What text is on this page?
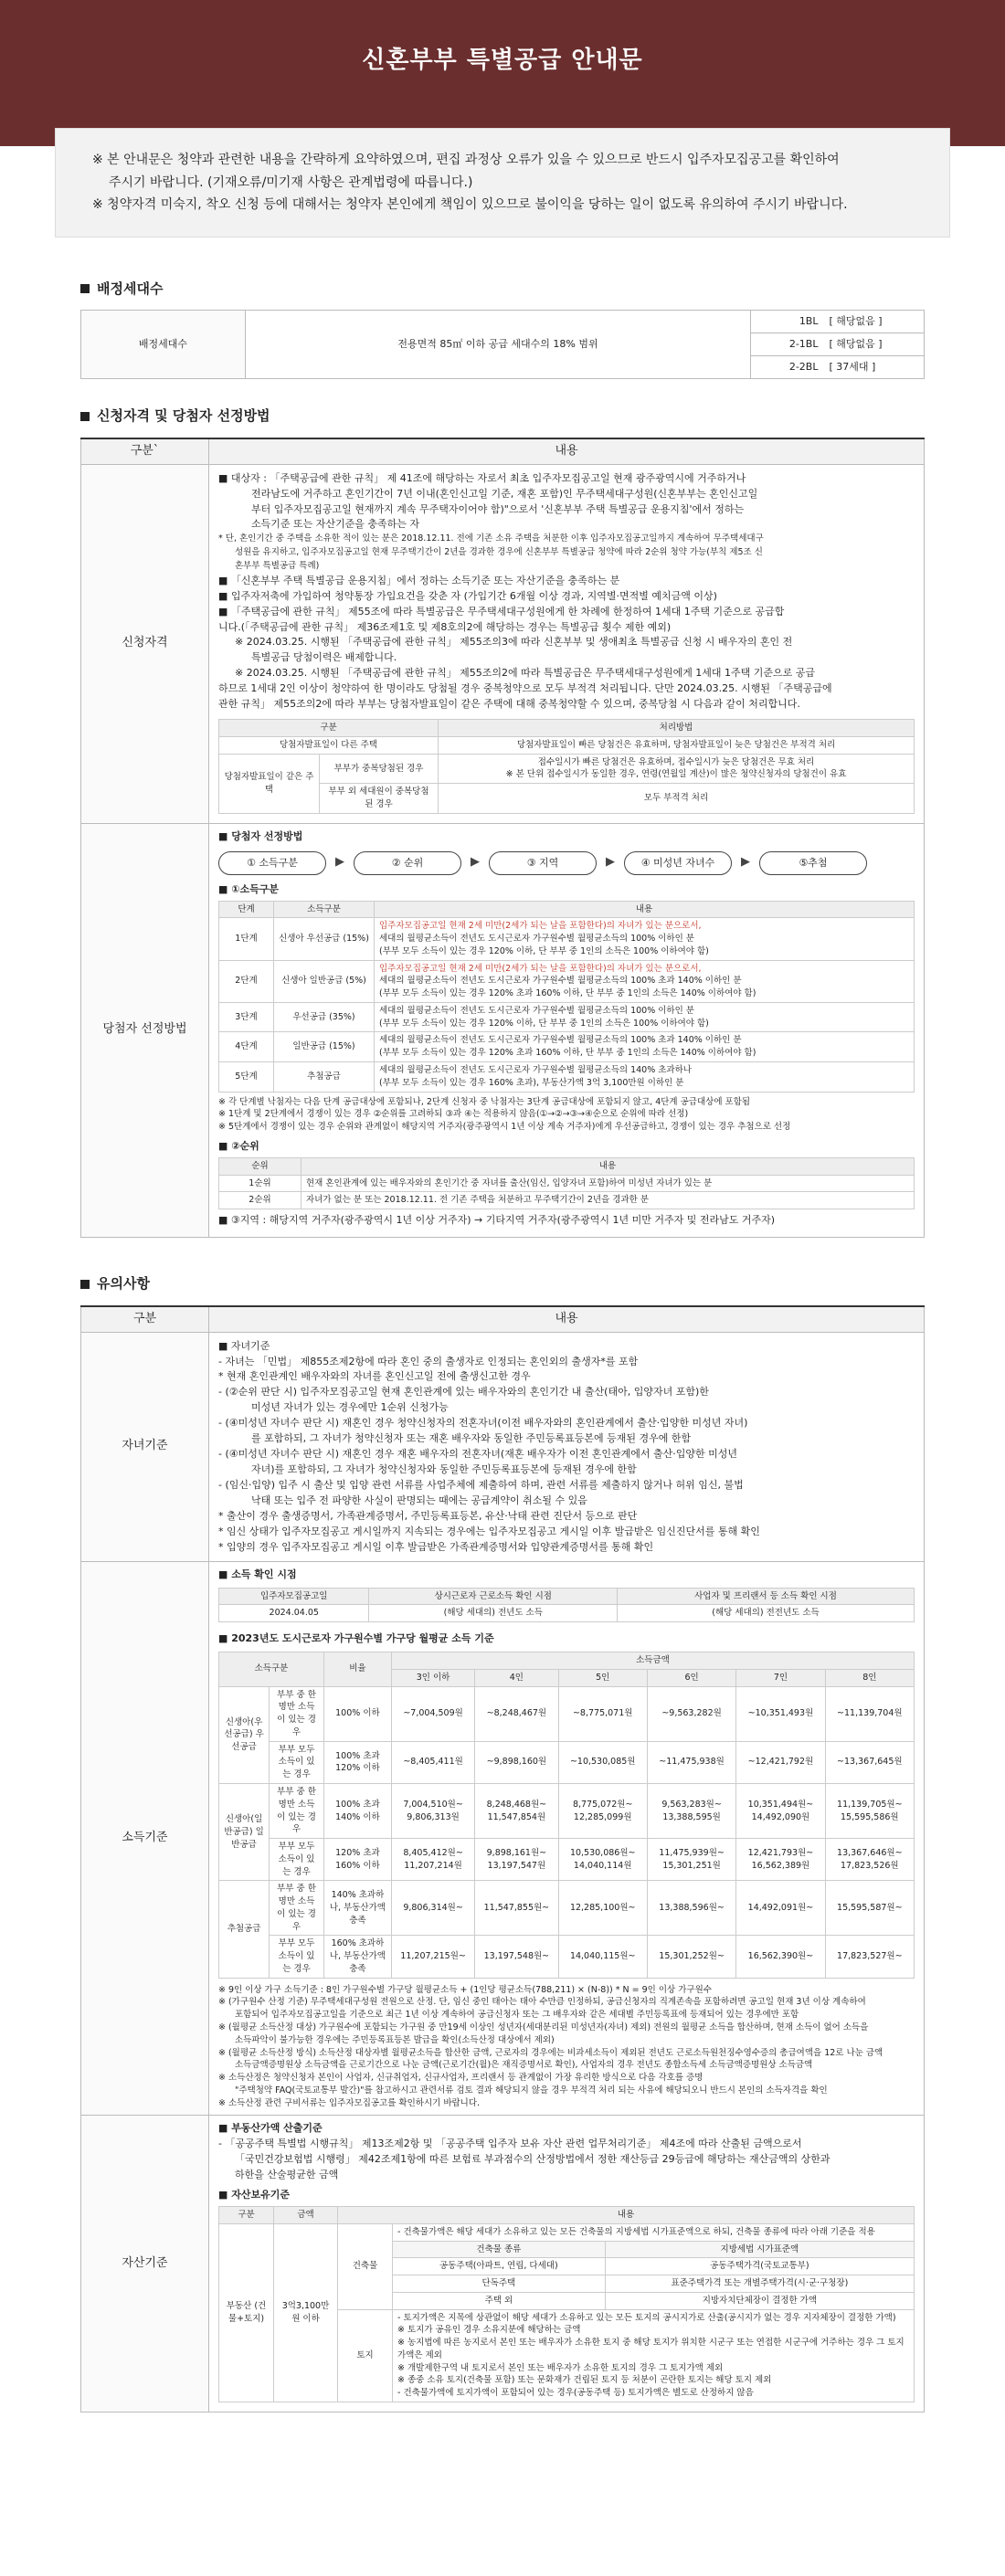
신혼부부 특별공급 안내문
※ 본 안내문은 청약과 관련한 내용을 간략하게 요약하였으며, 편집 과정상 오류가 있을 수 있으므로 반드시 입주자모집공고를 확인하여
주시기 바랍니다. (기재오류/미기재 사항은 관계법령에 따릅니다.)
※ 청약자격 미숙지, 착오 신청 등에 대해서는 청약자 본인에게 책임이 있으므로 불이익을 당하는 일이 없도록 유의하여 주시기 바랍니다.
배정세대수
배정세대수	전용면적 85㎡ 이하 공급 세대수의 18% 범위	1BL	[ 해당없음 ]
		2-1BL	[ 해당없음 ]
		2-2BL	[ 37세대 ]
신청자격 및 당첨자 선정방법
구분`	내용
신청자격	
■ 대상자 : 「주택공급에 관한 규칙」 제 41조에 해당하는 자로서 최초 입주자모집공고일 현재 광주광역시에 거주하거나
전라남도에 거주하고 혼인기간이 7년 이내(혼인신고일 기준, 재혼 포함)인 무주택세대구성원(신혼부부는 혼인신고일
부터 입주자모집공고일 현재까지 계속 무주택자이어야 함)"으로서 '신혼부부 주택 특별공급 운용지침'에서 정하는
소득기준 또는 자산기준을 충족하는 자
* 단, 혼인기간 중 주택을 소유한 적이 있는 분은 2018.12.11. 전에 기존 소유 주택을 처분한 이후 입주자모집공고일까지 계속하여 무주택세대구
성원을 유지하고, 입주자모집공고일 현재 무주택기간이 2년을 경과한 경우에 신혼부부 특별공급 청약에 따라 2순위 청약 가능(부칙 제5조 신
혼부부 특별공급 특례)
■ 「신혼부부 주택 특별공급 운용지침」에서 정하는 소득기준 또는 자산기준을 충족하는 분
■ 입주자저축에 가입하여 청약통장 가입요건을 갖춘 자 (가입기간 6개월 이상 경과, 지역별·면적별 예치금액 이상)
■ 「주택공급에 관한 규칙」 제55조에 따라 특별공급은 무주택세대구성원에게 한 차례에 한정하여 1세대 1주택 기준으로 공급합
니다.(「주택공급에 관한 규칙」 제36조제1호 및 제8호의2에 해당하는 경우는 특별공급 횟수 제한 예외)
※ 2024.03.25. 시행된 「주택공급에 관한 규칙」 제55조의3에 따라 신혼부부 및 생애최초 특별공급 신청 시 배우자의 혼인 전
특별공급 당첨이력은 배제합니다.
※ 2024.03.25. 시행된 「주택공급에 관한 규칙」 제55조의2에 따라 특별공급은 무주택세대구성원에게 1세대 1주택 기준으로 공급
하므로 1세대 2인 이상이 청약하여 한 명이라도 당첨될 경우 중복청약으로 모두 부적격 처리됩니다. 단만 2024.03.25. 시행된 「주택공급에
관한 규칙」 제55조의2에 따라 부부는 당첨자발표일이 같은 주택에 대해 중복청약할 수 있으며, 중복당첨 시 다음과 같이 처리합니다.
구분	처리방법
당첨자발표일이 다른 주택	당첨자발표일이 빠른 당첨건은 유효하며, 당첨자발표일이 늦은 당첨건은 부적격 처리
당첨자발표일이 같은 주택	부부가 중복당첨된 경우	
접수일시가 빠른 당첨건은 유효하며, 접수일시가 늦은 당첨건은 무효 처리
※ 본 단위 접수일시가 동일한 경우, 연령(연월일 계산)이 많은 청약신청자의 당첨건이 유효

부부 외 세대원이 중복당첨된 경우	모두 부적격 처리

당첨자 선정방법	
■ 당첨자 선정방법
① 소득구분	▶	② 순위	▶	③ 지역	▶	④ 미성년 자녀수	▶	⑤추첨
■ ①소득구분
단계	소득구분	내용
1단계	신생아 우선공급 (15%)	
입주자모집공고일 현재 2세 미만(2세가 되는 날을 포함한다)의 자녀가 있는 분으로서,
세대의 월평균소득이 전년도 도시근로자 가구원수별 월평균소득의 100% 이하인 분
(부부 모두 소득이 있는 경우 120% 이하, 단 부부 중 1인의 소득은 100% 이하여야 함)

2단계	신생아 일반공급 (5%)	
입주자모집공고일 현재 2세 미만(2세가 되는 날을 포함한다)의 자녀가 있는 분으로서,
세대의 월평균소득이 전년도 도시근로자 가구원수별 월평균소득의 100% 초과 140% 이하인 분
(부부 모두 소득이 있는 경우 120% 초과 160% 이하, 단 부부 중 1인의 소득은 140% 이하여야 함)

3단계	우선공급 (35%)	
세대의 월평균소득이 전년도 도시근로자 가구원수별 월평균소득의 100% 이하인 분
(부부 모두 소득이 있는 경우 120% 이하, 단 부부 중 1인의 소득은 100% 이하여야 함)

4단계	일반공급 (15%)	
세대의 월평균소득이 전년도 도시근로자 가구원수별 월평균소득의 100% 초과 140% 이하인 분
(부부 모두 소득이 있는 경우 120% 초과 160% 이하, 단 부부 중 1인의 소득은 140% 이하여야 함)

5단계	추첨공급	
세대의 월평균소득이 전년도 도시근로자 가구원수별 월평균소득의 140% 초과하나
(부부 모두 소득이 있는 경우 160% 초과), 부동산가액 3억 3,100만원 이하인 분
※ 각 단계별 낙첨자는 다음 단계 공급대상에 포함되나, 2단계 신청자 중 낙첨자는 3단계 공급대상에 포함되지 않고, 4단계 공급대상에 포함됨
※ 1단계 및 2단계에서 경쟁이 있는 경우 ②순위를 고려하되 ③과 ④는 적용하지 않음(①→②→③→④순으로 순위에 따라 선정)
※ 5단계에서 경쟁이 있는 경우 순위와 관계없이 해당지역 거주자(광주광역시 1년 이상 계속 거주자)에게 우선공급하고, 경쟁이 있는 경우 추첨으로 선정
■ ②순위
순위	내용
1순위	현재 혼인관계에 있는 배우자와의 혼인기간 중 자녀를 출산(임신, 입양자녀 포함)하여 미성년 자녀가 있는 분
2순위	자녀가 없는 분 또는 2018.12.11. 전 기존 주택을 처분하고 무주택기간이 2년을 경과한 분
■ ③지역 : 해당지역 거주자(광주광역시 1년 이상 거주자) → 기타지역 거주자(광주광역시 1년 미만 거주자 및 전라남도 거주자)
유의사항
구분	내용
자녀기준	
■ 자녀기준
- 자녀는 「민법」 제855조제2항에 따라 혼인 중의 출생자로 인정되는 혼인외의 출생자*를 포함
* 현재 혼인관계인 배우자와의 자녀를 혼인신고일 전에 출생신고한 경우
- (②순위 판단 시) 입주자모집공고일 현재 혼인관계에 있는 배우자와의 혼인기간 내 출산(태아, 입양자녀 포함)한
미성년 자녀가 있는 경우에만 1순위 신청가능
- (④미성년 자녀수 판단 시) 재혼인 경우 청약신청자의 전혼자녀(이전 배우자와의 혼인관계에서 출산·입양한 미성년 자녀)
를 포함하되, 그 자녀가 청약신청자 또는 재혼 배우자와 동일한 주민등록표등본에 등재된 경우에 한함
- (④미성년 자녀수 판단 시) 재혼인 경우 재혼 배우자의 전혼자녀(재혼 배우자가 이전 혼인관계에서 출산·입양한 미성년
자녀)를 포함하되, 그 자녀가 청약신청자와 동일한 주민등록표등본에 등재된 경우에 한함
- (임신·입양) 입주 시 출산 및 입양 관련 서류를 사업주체에 제출하여 하며, 관련 서류를 제출하지 않거나 허위 임신, 불법
낙태 또는 입주 전 파양한 사실이 판명되는 때에는 공급계약이 취소될 수 있음
* 출산이 경우 출생증명서, 가족관계증명서, 주민등록표등본, 유산·낙태 관련 진단서 등으로 판단
* 임신 상태가 입주자모집공고 게시일까지 지속되는 경우에는 입주자모집공고 게시일 이후 발급받은 임신진단서를 통해 확인
* 입양의 경우 입주자모집공고 게시일 이후 발급받은 가족관계증명서와 입양관계증명서를 통해 확인

소득기준	
■ 소득 확인 시점
입주자모집공고일	상시근로자 근로소득 확인 시점	사업자 및 프리랜서 등 소득 확인 시점
2024.04.05	(해당 세대의) 전년도 소득	(해당 세대의) 전전년도 소득
■ 2023년도 도시근로자 가구원수별 가구당 월평균 소득 기준
소득구분	비율	소득금액
3인 이하	4인	5인	6인	7인	8인
신생아(우선공급) 우선공급	부부 중 한명만 소득이 있는 경우	100% 이하	~7,004,509원	~8,248,467원	~8,775,071원	~9,563,282원	~10,351,493원	~11,139,704원
부부 모두 소득이 있는 경우	100% 초과 120% 이하	~8,405,411원	~9,898,160원	~10,530,085원	~11,475,938원	~12,421,792원	~13,367,645원
신생아(일반공급) 일반공급	부부 중 한명만 소득이 있는 경우	100% 초과 140% 이하	7,004,510원~ 9,806,313원	8,248,468원~ 11,547,854원	8,775,072원~ 12,285,099원	9,563,283원~ 13,388,595원	10,351,494원~ 14,492,090원	11,139,705원~ 15,595,586원
부부 모두 소득이 있는 경우	120% 초과 160% 이하	8,405,412원~ 11,207,214원	9,898,161원~ 13,197,547원	10,530,086원~ 14,040,114원	11,475,939원~ 15,301,251원	12,421,793원~ 16,562,389원	13,367,646원~ 17,823,526원
추첨공급	부부 중 한명만 소득이 있는 경우	140% 초과하나, 부동산가액 충족	9,806,314원~	11,547,855원~	12,285,100원~	13,388,596원~	14,492,091원~	15,595,587원~
부부 모두 소득이 있는 경우	160% 초과하나, 부동산가액 충족	11,207,215원~	13,197,548원~	14,040,115원~	15,301,252원~	16,562,390원~	17,823,527원~
※ 9인 이상 가구 소득기준 : 8인 가구원수별 가구당 월평균소득 + (1인당 평균소득(788,211) × (N-8)) * N = 9인 이상 가구원수
※ (가구원수 산정 기준) 무주택세대구성원 전원으로 산정. 단, 임신 중인 태아는 태아 수만큼 인정하되, 공급신청자의 직계존속을 포함하려면 공고일 현재 3년 이상 계속하여
포함되어 입주자모집공고일을 기준으로 최근 1년 이상 계속하여 공급신청자 또는 그 배우자와 같은 세대별 주민등록표에 등재되어 있는 경우에만 포함
※ (월평균 소득산정 대상) 가구원수에 포함되는 가구원 중 만19세 이상인 성년자(세대분리된 미성년자(자녀) 제외) 전원의 월평균 소득을 합산하며, 현재 소득이 없어 소득을
소득파악이 불가능한 경우에는 주민등록표등본 발급을 확인(소득산정 대상에서 제외)
※ (월평균 소득산정 방식) 소득산정 대상자별 월평균소득을 합산한 금액, 근로자의 경우에는 비과세소득이 제외된 전년도 근로소득원천징수영수증의 총급여액을 12로 나눈 금액
소득금액증명원상 소득금액을 근로기간으로 나눈 금액(근로기간(월)은 재직증명서로 확인), 사업자의 경우 전년도 종합소득세 소득금액증명원상 소득금액
※ 소득산정은 청약신청자 본인이 사업자, 신규취업자, 신규사업자, 프리랜서 등 관계없이 가장 유리한 방식으로 다음 각호를 증명
"주택청약 FAQ(국토교통부 발간)"를 참고하시고 관련서류 검토 결과 해당되지 않을 경우 부적격 처리 되는 사유에 해당되오니 반드시 본인의 소득자격을 확인
※ 소득산정 관련 구비서류는 입주자모집공고를 확인하시기 바랍니다.

자산기준	
■ 부동산가액 산출기준
- 「공공주택 특별법 시행규칙」 제13조제2항 및 「공공주택 입주자 보유 자산 관련 업무처리기준」 제4조에 따라 산출된 금액으로서
「국민건강보험법 시행령」 제42조제1항에 따른 보험료 부과점수의 산정방법에서 정한 재산등급 29등급에 해당하는 재산금액의 상한과
하한을 산술평균한 금액
■ 자산보유기준
구분	금액	내용
부동산 (건물+토지)	3억3,100만원 이하	건축물	- 건축물가액은 해당 세대가 소유하고 있는 모든 건축물의 지방세법 시가표준액으로 하되, 건축물 종류에 따라 아래 기준을 적용
건축물 종류	지방세법 시가표준액
공동주택(아파트, 연립, 다세대)	공동주택가격(국토교통부)
단독주택	표준주택가격 또는 개별주택가격(시·군·구청장)
주택 외	지방자치단체장이 결정한 가액
토지	
- 토지가액은 지목에 상관없이 해당 세대가 소유하고 있는 모든 토지의 공시지가로 산출(공시지가 없는 경우 지자체장이 결정한 가액)
※ 토지가 공유인 경우 소유지분에 해당하는 금액
※ 농지법에 따른 농지로서 본인 또는 배우자가 소유한 토지 중 해당 토지가 위치한 시군구 또는 연접한 시군구에 거주하는 경우 그 토지가액은 제외
※ 개발제한구역 내 토지로서 본인 또는 배우자가 소유한 토지의 경우 그 토지가액 제외
※ 종중 소유 토지(건축물 포함) 또는 문화재가 건립된 토지 등 처분이 곤란한 토지는 해당 토지 제외
- 건축물가액에 토지가액이 포함되어 있는 경우(공동주택 등) 토지가액은 별도로 산정하지 않음
